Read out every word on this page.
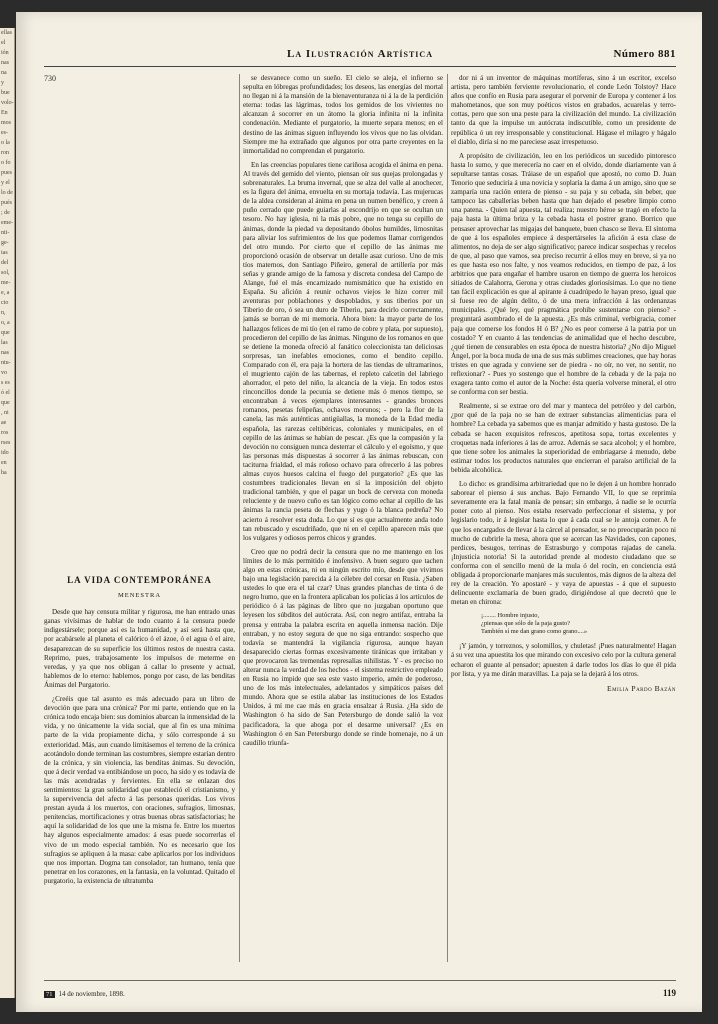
ellas
el
ión
nas
na
y
bue
volo-
En
mos
es-
o la
ron
o fo
pues
y el
lo de
pués
; de
eme-
nti-
ge-
ias
del
sol,
me-
e, a
cto
n,
o, a
que
las
nas
ntu-
vo
s es
ó el
que
, ni
ae
ros
rses
ido
en
ha
La Ilustración Artística	Número 881
730
LA VIDA CONTEMPORÁNEA
MENESTRA

Desde que hay censura militar y rigurosa, me han entrado unas ganas vivísimas de hablar de todo cuanto á la censura puede indigestársele; porque así es la humanidad, y así será hasta que, por acabársele al planeta el calórico ó el ázoe, ó el agua ó el aire, desaparezcan de su superficie los últimos restos de nuestra casta. Reprimo, pues, trabajosamente los impulsos de meterme en veredas, y ya que nos obligan á callar lo presente y actual, hablemos de lo eterno: hablemos, pongo por caso, de las benditas Ánimas del Purgatorio.

¿Creéis que tal asunto es más adecuado para un libro de devoción que para una crónica? Por mi parte, entiendo que en la crónica todo encaja bien: sus dominios abarcan la inmensidad de la vida, y no únicamente la vida social, que al fin es una mínima parte de la vida propiamente dicha, y sólo corresponde á su exterioridad. Más, aun cuando limitásemos el terreno de la crónica acotándolo donde terminan las costumbres, siempre estarían dentro de la crónica, y sin violencia, las benditas ánimas. Su devoción, que á decir verdad va entibiándose un poco, ha sido y es todavía de las más acendradas y fervientes. En ella se enlazan dos sentimientos: la gran solidaridad que estableció el cristianismo, y la supervivencia del afecto á las personas queridas. Los vivos prestan ayuda á los muertos, con oraciones, sufragios, limosnas, penitencias, mortificaciones y otras buenas obras satisfactorias; he aquí la solidaridad de los que une la misma fe. Entre los muertos hay algunos especialmente amados: á esas puede socorrerlas el vivo de un modo especial también. No es necesario que los sufragios se apliquen á la masa: cabe aplicarlos por los individuos que nos importan. Dogma tan consolador, tan humano, tenía que penetrar en los corazones, en la fantasía, en la voluntad. Quitado el purgatorio, la existencia de ultratumba

se desvanece como un sueño. El cielo se aleja, el infierno se sepulta en lóbregas profundidades; los deseos, las energías del mortal no llegan ni á la mansión de la bienaventuranza ni á la de la perdición eterna: todas las lágrimas, todos los gemidos de los vivientes no alcanzan á socorrer en un átomo la gloria infinita ni la infinita condenación. Mediante el purgatorio, la muerte separa menos; en el destino de las ánimas siguen influyendo los vivos que no las olvidan. Siempre me ha extrañado que algunos por otra parte creyentes en la inmortalidad no comprendan el purgatorio.

En las creencias populares tiene cariñosa acogida el ánima en pena. Al través del gemido del viento, piensan oír sus quejas prolongadas y sobrenaturales. La bruma invernal, que se alza del valle al anochecer, es la figura del ánima, envuelta en su mortaja todavía. Las mujerucas de la aldea consideran al ánima en pena un numen benéfico, y creen á puño cerrado que puede guiarlas al escondrijo en que se ocultan un tesoro. No hay iglesia, ni la más pobre, que no tenga su cepillo de ánimas, donde la piedad va depositando óbolos humildes, limosnitas para aliviar los sufrimientos de los que podemos llamar corrigendos del otro mundo. Por cierto que el cepillo de las ánimas me proporcionó ocasión de observar un detalle asaz curioso. Uno de mis tíos maternos, don Santiago Piñeiro, general de artillería por más señas y grande amigo de la famosa y discreta condesa del Campo de Alange, fué el más encarnizado numismático que ha existido en España. Su afición á reunir ochavos viejos le hizo correr mil aventuras por poblachones y despoblados, y sus tiberios por un Tiberio de oro, ó sea un duro de Tiberio, para decirlo correctamente, jamás se borran de mi memoria. Ahora bien: la mayor parte de los hallazgos felices de mi tío (en el ramo de cobre y plata, por supuesto), procedieron del cepillo de las ánimas. Ninguno de los romanos en que se detiene la moneda ofreció al fanático coleccionista tan deliciosas sorpresas, tan inefables emociones, como el bendito cepillo. Comparado con él, era paja la hortera de las tiendas de ultramarinos, el mugriento cajón de las tabernas, el repleto calcetín del labriego ahorrador, el peto del niño, la alcancía de la vieja. En todos estos rinconcillos donde la pecunia se detiene más ó menos tiempo, se encontraban á veces ejemplares interesantes - grandes bronces romanos, pesetas felipeñas, ochavos morunos; - pero la flor de la canela, las más auténticas antigüallas, la moneda de la Edad media española, las rarezas celtibéricas, coloniales y municipales, en el cepillo de las ánimas se habían de pescar. ¿Es que la compasión y la devoción no consiguen nunca desterrar el cálculo y el egoísmo, y que las personas más dispuestas á socorrer á las ánimas rebuscan, con taciturna frialdad, el más roñoso ochavo para ofrecerlo á las pobres almas cuyos huesos calcina el fuego del purgatorio? ¿Es que las costumbres tradicionales llevan en sí la imposición del objeto tradicional también, y que el pagar un bock de cerveza con moneda reluciente y de nuevo cuño es tan lógico como echar al cepillo de las ánimas la rancia peseta de flechas y yugo ó la blanca pedreña? No acierto á resolver esta duda. Lo que sí es que actualmente anda todo tan rebuscado y escudriñado, que ni en el cepillo aparecen más que los vulgares y odiosos perros chicos y grandes.

Creo que no podrá decir la censura que no me mantengo en los límites de lo más permitido é inofensivo. A buen seguro que tachen algo en estas crónicas, ni en ningún escrito mío, desde que vivimos bajo una legislación parecida á la célebre del corsar en Rusia. ¿Saben ustedes lo que era el tal czar? Unas grandes planchas de tinta ó de negro humo, que en la frontera aplicaban los policías á los artículos de periódico ó á las páginas de libro que no juzgaban oportuno que leyesen los súbditos del autócrata. Así, con negro antifaz, entraba la prensa y entraba la palabra escrita en aquella inmensa nación. Dije entraban, y no estoy segura de que no siga entrando: sospecho que todavía se mantendrá la vigilancia rigurosa, aunque hayan desaparecido ciertas formas excesivamente tiránicas que irritaban y que provocaron las tremendas represalias nihilistas. Y - es preciso no alterar nunca la verdad de los hechos - el sistema restrictivo empleado en Rusia no impide que sea este vasto imperio, amén de poderoso, uno de los más intelectuales, adelantados y simpáticos países del mundo. Ahora que se estila alabar las instituciones de los Estados Unidos, á mí me cae más en gracia ensalzar á Rusia. ¿Ha sido de Washington ó ha sido de San Petersburgo de donde salió la voz pacificadora, la que aboga por el desarme universal? ¿Es en Washington ó en San Petersburgo donde se rinde homenaje, no á un caudillo triunfa-

dor ni á un inventor de máquinas mortíferas, sino á un escritor, excelso artista, pero también ferviente revolucionario, el conde León Tolstoy? Hace años que confío en Rusia para asegurar el porvenir de Europa y contener á los mahometanos, que son muy poéticos vistos en grabados, acuarelas y terro-cottas, pero que son una peste para la civilización del mundo. La civilización tanto da que la impulse un autócrata indiscutible, como un presidente de república ó un rey irresponsable y constitucional. Hágase el milagro y hágalo el diablo, diría si no me pareciese asaz irrespetuoso.

A propósito de civilización, leo en los periódicos un sucedido pintoresco hasta lo sumo, y que merecería no caer en el olvido, donde diariamente van á sepultarse tantas cosas. Tráiase de un español que apostó, no como D. Juan Tenorio que seduciría á una novicia y soplaría la dama á un amigo, sino que se zamparía una ración entera de pienso - su paja y su cebada, sin beber, que tampoco las caballerías beben hasta que han dejado el pesebre limpio como una patena. - Quien tal apuesta, tal realiza; nuestro héroe se tragó en efecto la paja hasta la última briza y la cebada hasta el postrer grano. Borrico que pensaser aprovechar las migajas del banquete, buen chasco se lleva. El síntoma de que á los españoles empiece á despertárseles la afición á esta clase de alimentos, no deja de ser algo significativo; parece indicar sospechas y recelos de que, al paso que vamos, sea preciso recurrir á ellos muy en breve, si ya no es que hasta eso nos falte, y nos veamos reducidos, en tiempo de paz, á los arbitrios que para engañar el hambre usaron en tiempo de guerra los heroicos sitiados de Calahorra, Gerona y otras ciudades gloriosísimas. Lo que no tiene tan fácil explicación es que al apirante á cuadrúpedo le hayan preso, igual que si fuese reo de algún delito, ó de una mera infracción á las ordenanzas municipales. ¿Qué ley, qué pragmática prohibe sustentarse con pienso? - preguntará asombrado el de la apuesta. ¿Es más criminal, verbigracia, comer paja que comerse los fondos H ó B? ¿No es peor comerse á la patria por un costado? Y en cuanto á las tendencias de animalidad que el hecho descubre, ¿qué tienen de censurables en esta época de nuestra historia? ¿No dijo Miguel Ángel, por la boca muda de una de sus más sublimes creaciones, que hay horas tristes en que agrada y conviene ser de piedra - no oír, no ver, no sentir, no reflexionar? - Pues yo sostengo que el hombre de la cebada y de la paja no exagera tanto como el autor de la Noche: ésta quería volverse mineral, el otro se conforma con ser bestia.

Realmente, si se extrae oro del mar y manteca del petróleo y del carbón, ¿por qué de la paja no se han de extraer substancias alimenticias para el hombre? La cebada ya sabemos que es manjar admitido y hasta gustoso. De la cebada se hacen exquisitos refrescos, apetitosa sopa, tortas excelentes y croquetas nada inferiores á las de arroz. Además se saca alcohol; y el hombre, que tiene sobre los animales la superioridad de embriagarse á menudo, debe estimar todos los productos naturales que encierran el paraíso artificial de la bebida alcohólica.

Lo dicho: es grandísima arbitrariedad que no le dejen á un hombre honrado saborear el pienso á sus anchas. Bajo Fernando VII, lo que se reprimía severamente era la fatal manía de pensar; sin embargo, á nadie se le ocurría poner coto al pienso. Nos estaba reservado perfeccionar el sistema, y por legislario todo, ir á legislar hasta lo que á cada cual se le antoja comer. A fe que los encargados de llevar á la cárcel al pensador, se no preocuparán poco ni mucho de cubrirle la mesa, ahora que se acercan las Navidades, con capones, perdices, besugos, terrinas de Estrasburgo y compotas rajadas de canela. ¡Injusticia notoria! Si la autoridad prende al modesto ciudadano que se conforma con el sencillo menú de la mula ó del rocín, en conciencia está obligada á proporcionarle manjares más suculentos, más dignos de la alteza del rey de la creación. Yo apostaré - y vaya de apuestas - á que el supuesto delincuente exclamaría de buen grado, dirigiéndose al que decretó que le metan en chirona:

¡........ Hombre injusto,
¿piensas que sólo de la paja gusto?
También sí me dan grano como grano....»

¡Y jamón, y torreznos, y solomillos, y chuletas! ¡Pues naturalmente! Hagan á su vez una apuestita los que mirando con excesivo celo por la cultura general echaron el guante al pensador; apuesten á darle todos los días lo que él pida por lista, y ya me dirán maravillas. La paja se la dejará á los otros.

Emilia Pardo Bazán
71 14 de noviembre, 1898.	119
